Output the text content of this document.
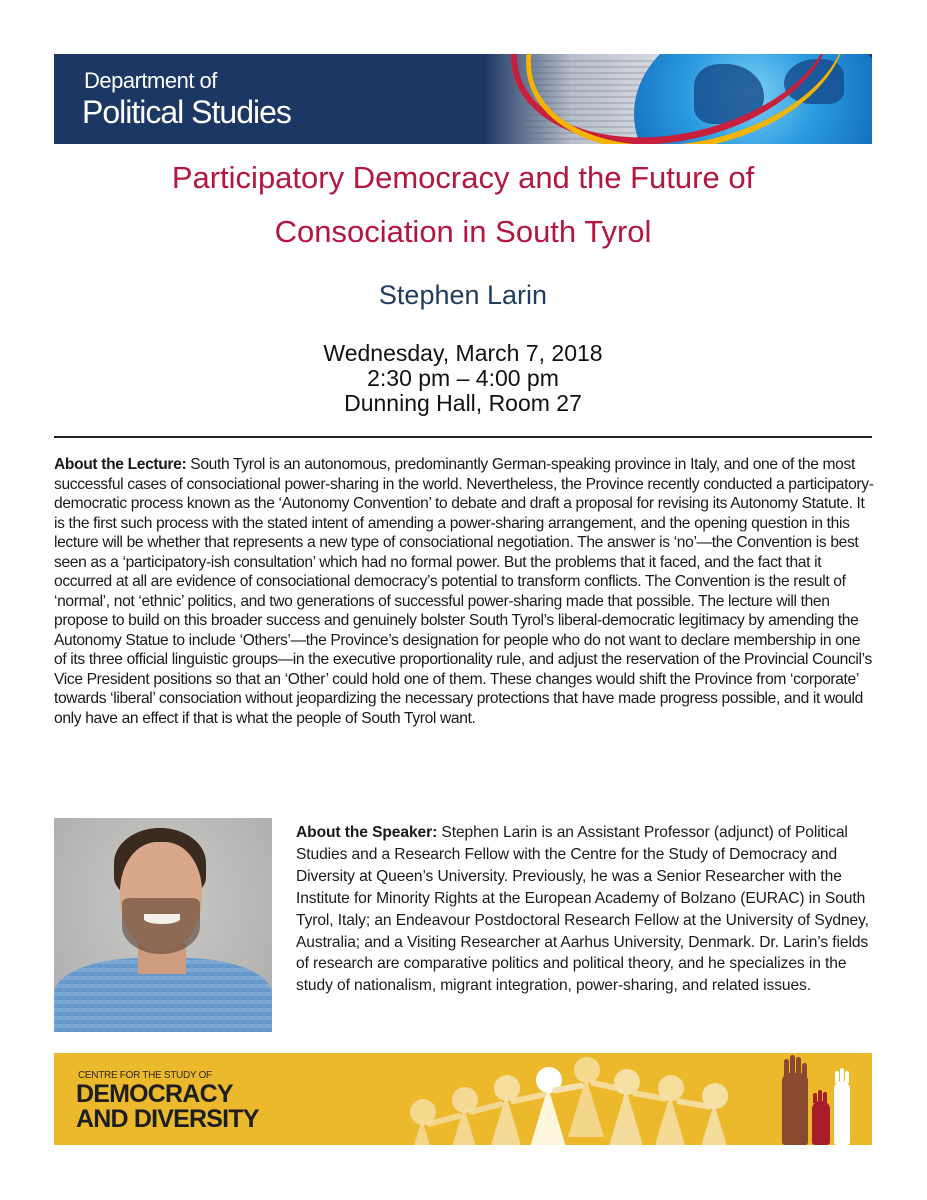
Department of
Political Studies
Participatory Democracy and the Future of
Consociation in South Tyrol
Stephen Larin
Wednesday, March 7, 2018
2:30 pm – 4:00 pm
Dunning Hall, Room 27
About the Lecture: South Tyrol is an autonomous, predominantly German-speaking province in Italy, and one of the most successful cases of consociational power-sharing in the world. Nevertheless, the Province recently conducted a participatory-democratic process known as the ‘Autonomy Convention’ to debate and draft a proposal for revising its Autonomy Statute. It is the first such process with the stated intent of amending a power-sharing arrangement, and the opening question in this lecture will be whether that represents a new type of consociational negotiation. The answer is ‘no’—the Convention is best seen as a ‘participatory-ish consultation’ which had no formal power. But the problems that it faced, and the fact that it occurred at all are evidence of consociational democracy’s potential to transform conflicts. The Convention is the result of ‘normal’, not ‘ethnic’ politics, and two generations of successful power-sharing made that possible. The lecture will then propose to build on this broader success and genuinely bolster South Tyrol’s liberal-democratic legitimacy by amending the Autonomy Statue to include ‘Others’—the Province’s designation for people who do not want to declare membership in one of its three official linguistic groups—in the executive proportionality rule, and adjust the reservation of the Provincial Council’s Vice President positions so that an ‘Other’ could hold one of them. These changes would shift the Province from ‘corporate’ towards ‘liberal’ consociation without jeopardizing the necessary protections that have made progress possible, and it would only have an effect if that is what the people of South Tyrol want.
About the Speaker: Stephen Larin is an Assistant Professor (adjunct) of Political Studies and a Research Fellow with the Centre for the Study of Democracy and Diversity at Queen’s University. Previously, he was a Senior Researcher with the Institute for Minority Rights at the European Academy of Bolzano (EURAC) in South Tyrol, Italy; an Endeavour Postdoctoral Research Fellow at the University of Sydney, Australia; and a Visiting Researcher at Aarhus University, Denmark. Dr. Larin’s fields of research are comparative politics and political theory, and he specializes in the study of nationalism, migrant integration, power-sharing, and related issues.
CENTRE FOR THE STUDY OF
DEMOCRACY
AND DIVERSITY
